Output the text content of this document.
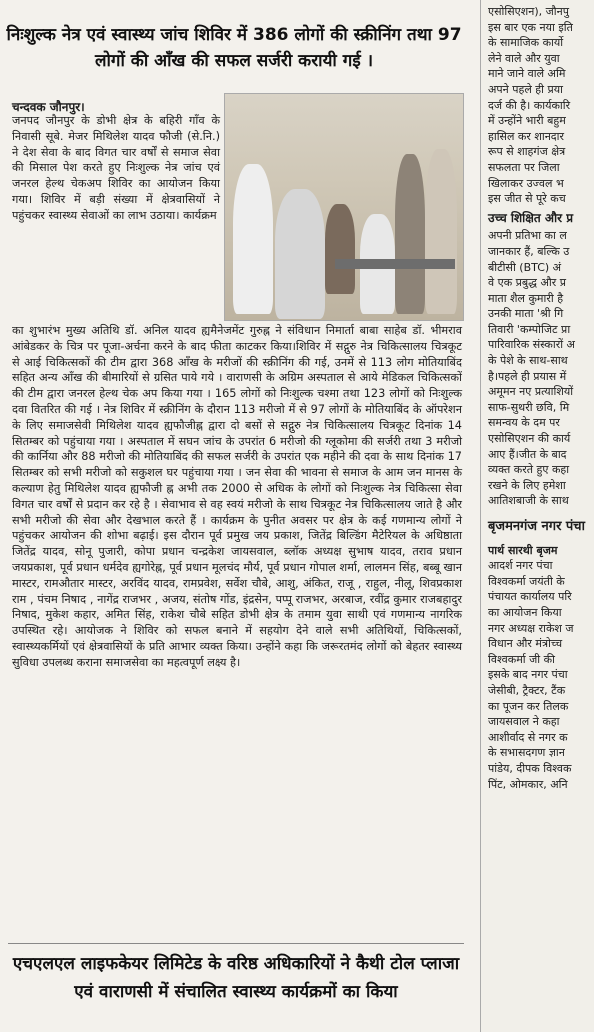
निःशुल्क नेत्र एवं स्वास्थ्य जांच शिविर में 386 लोगों की स्क्रीनिंग तथा 97 लोगों की आँख की सफल सर्जरी करायी गई ।
चन्दवक जौनपुर।
जनपद जौनपुर के डोभी क्षेत्र के बहिरी गाँव के निवासी सूबे. मेजर मिथिलेश यादव फौजी (से.नि.) ने देश सेवा के बाद विगत चार वर्षों से समाज सेवा की मिसाल पेश करते हुए निःशुल्क नेत्र जांच एवं जनरल हेल्थ चेकअप शिविर का आयोजन किया गया। शिविर में बड़ी संख्या में क्षेत्रवासियों ने पहुंचकर स्वास्थ्य सेवाओं का लाभ उठाया। कार्यक्रम
का शुभारंभ मुख्य अतिथि डॉ. अनिल यादव ह्यमैनेजमेंट गुरुह्न ने संविधान निमार्ता बाबा साहेब डॉ. भीमराव आंबेडकर के चित्र पर पूजा-अर्चना करने के बाद फीता काटकर किया।शिविर में सद्गुरु नेत्र चिकित्सालय चित्रकूट से आई चिकित्सकों की टीम द्वारा 368 आँख के मरीजों की स्क्रीनिंग की गई, उनमें से 113 लोग मोतियाबिंद सहित अन्य आँख की बीमारियों से ग्रसित पाये गये । वाराणसी के अग्रिम अस्पताल से आये मेडिकल चिकित्सकों की टीम द्वारा जनरल हेल्थ चेक अप किया गया । 165 लोगों को निःशुल्क चश्मा तथा 123 लोगों को निःशुल्क दवा वितरित की गई । नेत्र शिविर में स्क्रीनिंग के दौरान 113 मरीजो में से 97 लोगों के मोतियाबिंद के ऑपरेशन के लिए समाजसेवी मिथिलेश यादव ह्यफौजीह्न द्वारा दो बसों से सद्गुरु नेत्र चिकित्सालय चित्रकूट दिनांक 14 सितम्बर को पहुंचाया गया । अस्पताल में सघन जांच के उपरांत 6 मरीजो की ग्लूकोमा की सर्जरी तथा 3 मरीजो की कार्निया और 88 मरीजो की मोतियाबिंद की सफल सर्जरी के उपरांत एक महीने की दवा के साथ दिनांक 17 सितम्बर को सभी मरीजो को सकुशल घर पहुंचाया गया । जन सेवा की भावना से समाज के आम जन मानस के कल्याण हेतु मिथिलेश यादव ह्यफौजी ह्न अभी तक 2000 से अधिक के लोगों को निःशुल्क नेत्र चिकित्सा सेवा विगत चार वर्षों से प्रदान कर रहे है । सेवाभाव से वह स्वयं मरीजो के साथ चित्रकूट नेत्र चिकित्सालय जाते है और सभी मरीजो की सेवा और देखभाल करते हैं । कार्यक्रम के पुनीत अवसर पर क्षेत्र के कई गणमान्य लोगों ने पहुंचकर आयोजन की शोभा बढ़ाई। इस दौरान पूर्व प्रमुख जय प्रकाश, जितेंद्र बिल्डिंग मैटेरियल के अधिष्ठाता जितेंद्र यादव, सोनू पुजारी, कोपा प्रधान चन्द्रकेश जायसवाल, ब्लॉक अध्यक्ष सुभाष यादव, तराव प्रधान जयप्रकाश, पूर्व प्रधान धर्मदेव ह्यगोरेह्न, पूर्व प्रधान मूलचंद मौर्य, पूर्व प्रधान गोपाल शर्मा, लालमन सिंह, बब्बू खान मास्टर, रामऔतार मास्टर, अरविंद यादव, रामप्रवेश, सर्वेश चौबे, आशु, अंकित, राजू , राहुल, नीलू, शिवप्रकाश राम , पंचम निषाद , नागेंद्र राजभर , अजय, संतोष गोंड, इंद्रसेन, पप्पू राजभर, अरबाज, रवींद्र कुमार राजबहादुर निषाद, मुकेश कहार, अमित सिंह, राकेश चौबे सहित डोभी क्षेत्र के तमाम युवा साथी एवं गणमान्य नागरिक उपस्थित रहे। आयोजक ने शिविर को सफल बनाने में सहयोग देने वाले सभी अतिथियों, चिकित्सकों, स्वास्थ्यकर्मियों एवं क्षेत्रवासियों के प्रति आभार व्यक्त किया। उन्होंने कहा कि जरूरतमंद लोगों को बेहतर स्वास्थ्य सुविधा उपलब्ध कराना समाजसेवा का महत्वपूर्ण लक्ष्य है।
एचएलएल लाइफकेयर लिमिटेड के वरिष्ठ अधिकारियों ने कैथी टोल प्लाजा एवं वाराणसी में संचालित स्वास्थ्य कार्यक्रमों का किया
एसोसिएशन), जौनपु
इस बार एक नया इति
के सामाजिक कार्यो
लेने वाले और युवा
माने जाने वाले अमि
अपने पहले ही प्रया
दर्ज की है। कार्यकारि
में उन्होंने भारी बहुम
हासिल कर शानदार
रूप से शाहगंज क्षेत्र
सफलता पर जिला
खिलाकर उज्वल भ
इस जीत से पूरे कच
उच्च शिक्षित और प्र
अपनी प्रतिभा का ल
जानकार हैं, बल्कि उ
बीटीसी (BTC) अं
वे एक प्रबुद्ध और प्र
माता शैल कुमारी है
उनकी माता 'श्री गि
तिवारी 'कम्पोजिट प्रा
पारिवारिक संस्कारों अ
के पेशे के साथ-साथ
है।पहले ही प्रयास में
अमूमन नए प्रत्याशियों
साफ-सुथरी छवि, मि
समन्वय के दम पर
एसोसिएशन की कार्य
आए हैं।जीत के बाद
व्यक्त करते हुए कहा
रखने के लिए हमेशा
आतिशबाजी के साथ
बृजमनगंज नगर पंचा
पार्थ सारथी बृजम
आदर्श नगर पंचा
विश्वकर्मा जयंती के
पंचायत कार्यालय परि
का आयोजन किया
नगर अध्यक्ष राकेश ज
विधान और मंत्रोच्च
विश्वकर्मा जी की
इसके बाद नगर पंचा
जेसीबी, ट्रैक्टर, टैंक
का पूजन कर तिलक
जायसवाल ने कहा
आशीर्वाद से नगर क
के सभासदगण ज्ञान
पांडेय, दीपक विश्वक
पिंट, ओमकार, अनि
